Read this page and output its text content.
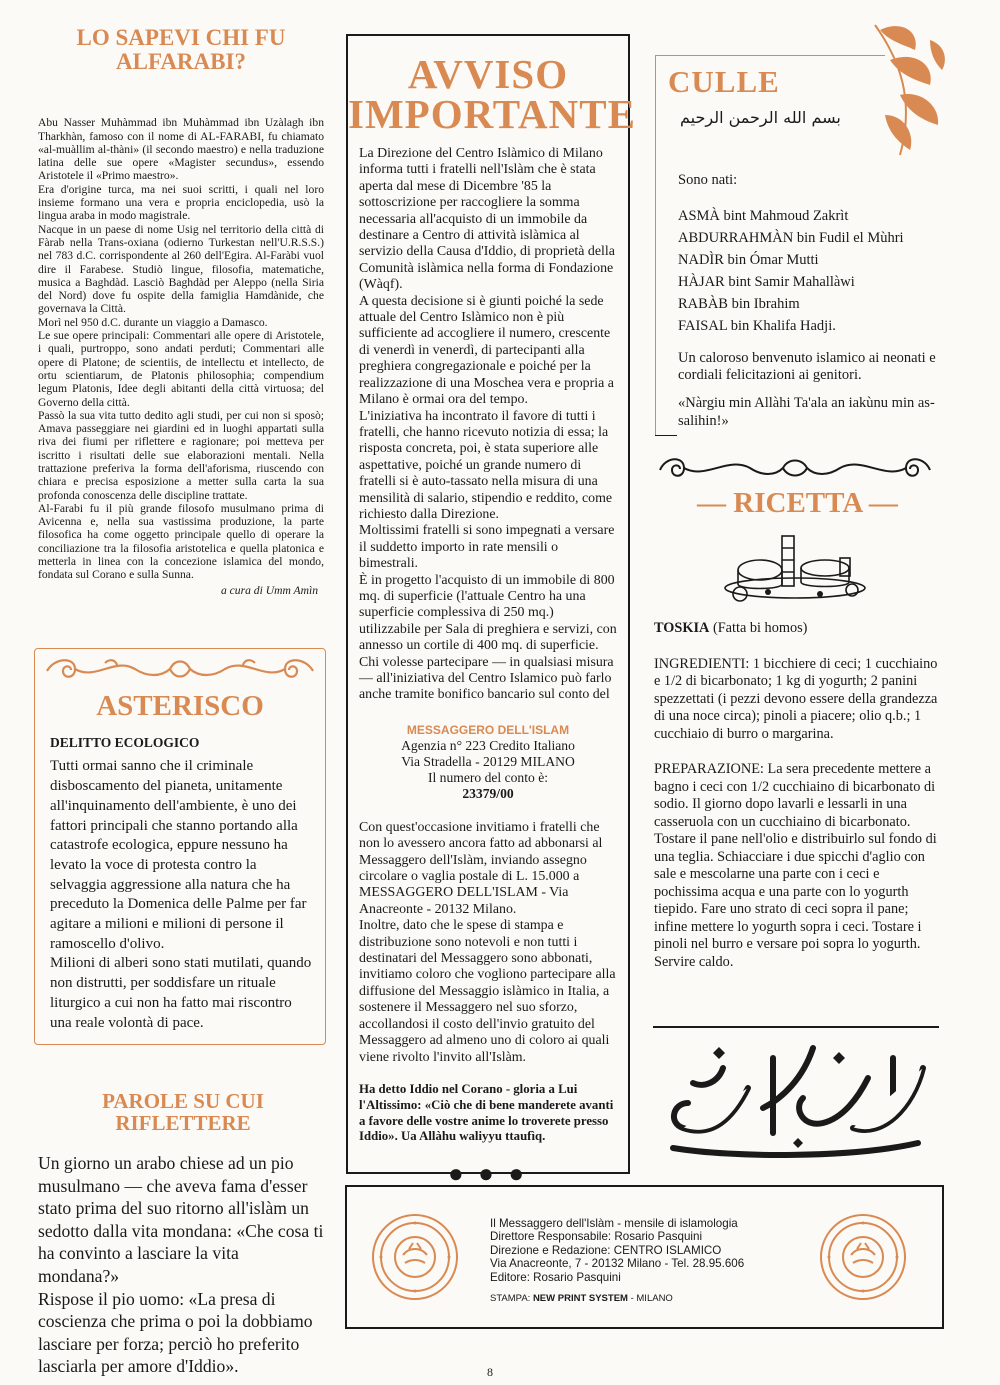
LO SAPEVI CHI FU
ALFARABI?

Abu Nasser Muhàmmad ibn Muhàmmad ibn Uzàlagh ibn Tharkhàn, famoso con il nome di AL-FARABI, fu chiamato «al-muàllim al-thàni» (il secondo maestro) e nella traduzione latina delle sue opere «Magister secundus», essendo Aristotele il «Primo maestro».

Era d'origine turca, ma nei suoi scritti, i quali nel loro insieme formano una vera e propria enciclopedia, usò la lingua araba in modo magistrale.

Nacque in un paese di nome Usig nel territorio della città di Fàrab nella Trans-oxiana (odierno Turkestan nell'U.R.S.S.) nel 783 d.C. corrispondente al 260 dell'Egira. Al-Faràbi vuol dire il Farabese. Studiò lingue, filosofia, matematiche, musica a Baghdàd. Lasciò Baghdàd per Aleppo (nella Siria del Nord) dove fu ospite della famiglia Hamdànide, che governava la Città.

Morì nel 950 d.C. durante un viaggio a Damasco.

Le sue opere principali: Commentari alle opere di Aristotele, i quali, purtroppo, sono andati perduti; Commentari alle opere di Platone; de scientiis, de intellectu et intellecto, de ortu scientiarum, de Platonis philosophia; compendium legum Platonis, Idee degli abitanti della città virtuosa; del Governo della città.

Passò la sua vita tutto dedito agli studi, per cui non si sposò; Amava passeggiare nei giardini ed in luoghi appartati sulla riva dei fiumi per riflettere e ragionare; poi metteva per iscritto i risultati delle sue elaborazioni mentali. Nella trattazione preferiva la forma dell'aforisma, riuscendo con chiara e precisa esposizione a metter sulla carta la sua profonda conoscenza delle discipline trattate.

Al-Farabi fu il più grande filosofo musulmano prima di Avicenna e, nella sua vastissima produzione, la parte filosofica ha come oggetto principale quello di operare la conciliazione tra la filosofia aristotelica e quella platonica e metterla in linea con la concezione islamica del mondo, fondata sul Corano e sulla Sunna.

a cura di Umm Amìn
ASTERISCO
DELITTO ECOLOGICO

Tutti ormai sanno che il criminale disboscamento del pianeta, unitamente all'inquinamento dell'ambiente, è uno dei fattori principali che stanno portando alla catastrofe ecologica, eppure nessuno ha levato la voce di protesta contro la selvaggia aggressione alla natura che ha preceduto la Domenica delle Palme per far agitare a milioni e milioni di persone il ramoscello d'olivo.

Milioni di alberi sono stati mutilati, quando non distrutti, per soddisfare un rituale liturgico a cui non ha fatto mai riscontro una reale volontà di pace.

PAROLE SU CUI
RIFLETTERE

Un giorno un arabo chiese ad un pio musulmano — che aveva fama d'esser stato prima del suo ritorno all'islàm un sedotto dalla vita mondana: «Che cosa ti ha convinto a lasciare la vita mondana?»

Rispose il pio uomo: «La presa di coscienza che prima o poi la dobbiamo lasciare per forza; perciò ho preferito lasciarla per amore d'Iddio».

AVVISO
IMPORTANTE

La Direzione del Centro Islàmico di Milano informa tutti i fratelli nell'Islàm che è stata aperta dal mese di Dicembre '85 la sottoscrizione per raccogliere la somma necessaria all'acquisto di un immobile da destinare a Centro di attività islàmica al servizio della Causa d'Iddio, di proprietà della Comunità islàmica nella forma di Fondazione (Wàqf).

A questa decisione si è giunti poiché la sede attuale del Centro Islàmico non è più sufficiente ad accogliere il numero, crescente di venerdì in venerdì, di partecipanti alla preghiera congregazionale e poiché per la realizzazione di una Moschea vera e propria a Milano è ormai ora del tempo.

L'iniziativa ha incontrato il favore di tutti i fratelli, che hanno ricevuto notizia di essa; la risposta concreta, poi, è stata superiore alle aspettative, poiché un grande numero di fratelli si è auto-tassato nella misura di una mensilità di salario, stipendio e reddito, come richiesto dalla Direzione.

Moltissimi fratelli si sono impegnati a versare il suddetto importo in rate mensili o bimestrali.

È in progetto l'acquisto di un immobile di 800 mq. di superficie (l'attuale Centro ha una superficie complessiva di 250 mq.) utilizzabile per Sala di preghiera e servizi, con annesso un cortile di 400 mq. di superficie.

Chi volesse partecipare — in qualsiasi misura — all'iniziativa del Centro Islamico può farlo anche tramite bonifico bancario sul conto del

MESSAGGERO DELL'ISLAM
Agenzia n° 223 Credito Italiano
Via Stradella - 20129 MILANO
Il numero del conto è:
23379/00

Con quest'occasione invitiamo i fratelli che non lo avessero ancora fatto ad abbonarsi al Messaggero dell'Islàm, inviando assegno circolare o vaglia postale di L. 15.000 a MESSAGGERO DELL'ISLAM - Via Anacreonte - 20132 Milano.

Inoltre, dato che le spese di stampa e distribuzione sono notevoli e non tutti i destinatari del Messaggero sono abbonati, invitiamo coloro che vogliono partecipare alla diffusione del Messaggio islàmico in Italia, a sostenere il Messaggero nel suo sforzo, accollandosi il costo dell'invio gratuito del Messaggero ad almeno uno di coloro ai quali viene rivolto l'invito all'Islàm.

Ha detto Iddio nel Corano - gloria a Lui l'Altissimo: «Ciò che di bene manderete avanti a favore delle vostre anime lo troverete presso Iddio». Ua Allàhu waliyyu ttaufìq.
● ● ●
CULLE
بسم الله الرحمن الرحيم

Sono nati:

ASMÀ bint Mahmoud Zakrìt

ABDURRAHMÀN bin Fudil el Mùhri

NADÌR bin Ómar Mutti

HÀJAR bint Samir Mahallàwi

RABÀB bin Ibrahim

FAISAL bin Khalifa Hadji.

Un caloroso benvenuto islamico ai neonati e cordiali felicitazioni ai genitori.

«Nàrgiu min Allàhi Ta'ala an iakùnu min as-salihin!»

— RICETTA —

TOSKIA (Fatta bi homos)

INGREDIENTI: 1 bicchiere di ceci; 1 cucchiaino e 1/2 di bicarbonato; 1 kg di yogurth; 2 panini spezzettati (i pezzi devono essere della grandezza di una noce circa); pinoli a piacere; olio q.b.; 1 cucchiaio di burro o margarina.

PREPARAZIONE: La sera precedente mettere a bagno i ceci con 1/2 cucchiaino di bicarbonato di sodio. Il giorno dopo lavarli e lessarli in una casseruola con un cucchiaino di bicarbonato. Tostare il pane nell'olio e distribuirlo sul fondo di una teglia. Schiacciare i due spicchi d'aglio con sale e mescolarne una parte con i ceci e pochissima acqua e una parte con lo yogurth tiepido. Fare uno strato di ceci sopra il pane; infine mettere lo yogurth sopra i ceci. Tostare i pinoli nel burro e versare poi sopra lo yogurth. Servire caldo.

Il Messaggero dell'Islàm - mensile di islamologia
Direttore Responsabile: Rosario Pasquini
Direzione e Redazione: CENTRO ISLAMICO
Via Anacreonte, 7 - 20132 Milano - Tel. 28.95.606
Editore: Rosario Pasquini
STAMPA: NEW PRINT SYSTEM - MILANO
8
